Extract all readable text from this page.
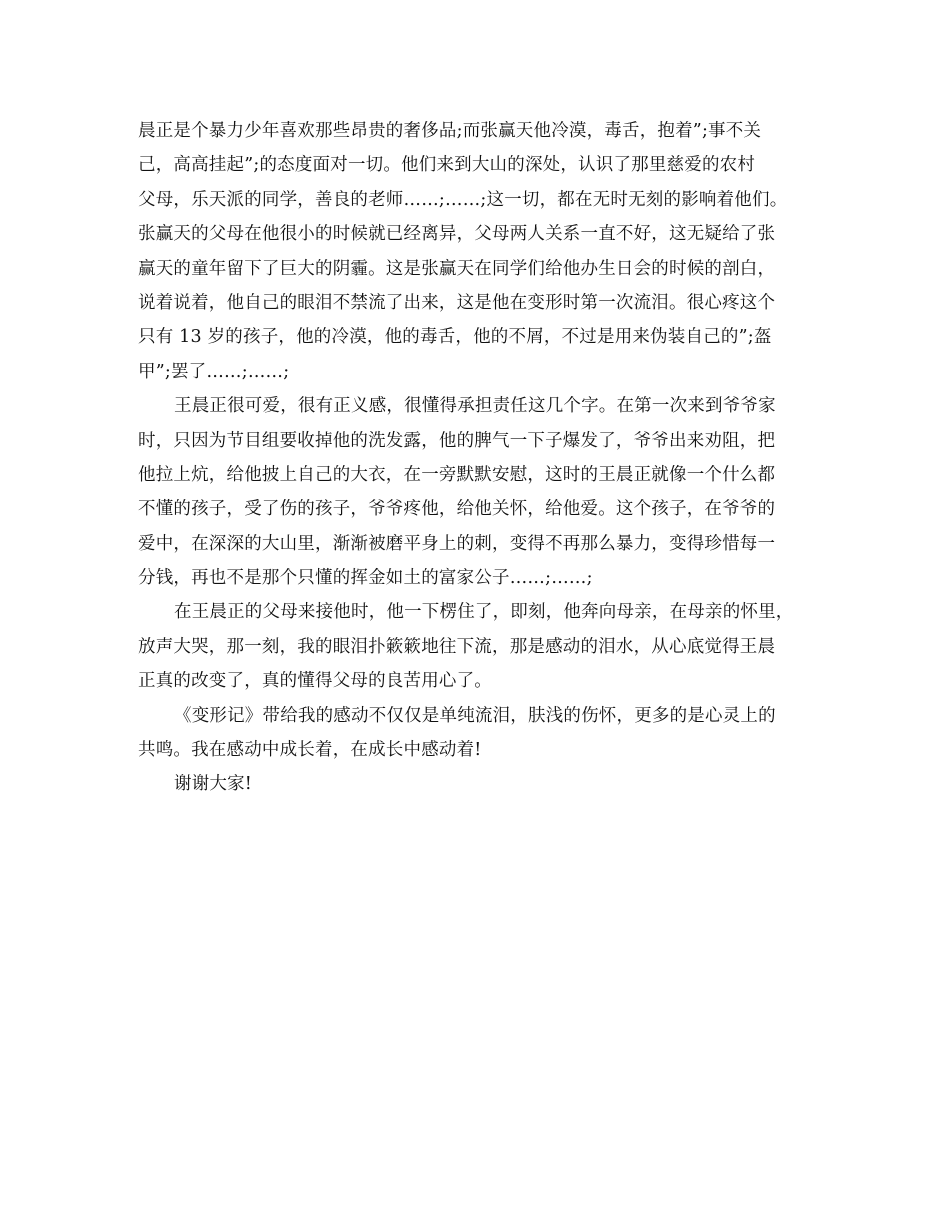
晨正是个暴力少年喜欢那些昂贵的奢侈品;而张赢天他冷漠，毒舌，抱着”;事不关
己，高高挂起”;的态度面对一切。他们来到大山的深处，认识了那里慈爱的农村
父母，乐天派的同学，善良的老师……;……;这一切，都在无时无刻的影响着他们。
张赢天的父母在他很小的时候就已经离异，父母两人关系一直不好，这无疑给了张
赢天的童年留下了巨大的阴霾。这是张赢天在同学们给他办生日会的时候的剖白，
说着说着，他自己的眼泪不禁流了出来，这是他在变形时第一次流泪。很心疼这个
只有 13 岁的孩子，他的冷漠，他的毒舌，他的不屑，不过是用来伪装自己的”;盔
甲”;罢了……;……;
王晨正很可爱，很有正义感，很懂得承担责任这几个字。在第一次来到爷爷家
时，只因为节目组要收掉他的洗发露，他的脾气一下子爆发了，爷爷出来劝阻，把
他拉上炕，给他披上自己的大衣，在一旁默默安慰，这时的王晨正就像一个什么都
不懂的孩子，受了伤的孩子，爷爷疼他，给他关怀，给他爱。这个孩子，在爷爷的
爱中，在深深的大山里，渐渐被磨平身上的刺，变得不再那么暴力，变得珍惜每一
分钱，再也不是那个只懂的挥金如土的富家公子……;……;
在王晨正的父母来接他时，他一下楞住了，即刻，他奔向母亲，在母亲的怀里，
放声大哭，那一刻，我的眼泪扑簌簌地往下流，那是感动的泪水，从心底觉得王晨
正真的改变了，真的懂得父母的良苦用心了。
《变形记》带给我的感动不仅仅是单纯流泪，肤浅的伤怀，更多的是心灵上的
共鸣。我在感动中成长着，在成长中感动着!
谢谢大家!
